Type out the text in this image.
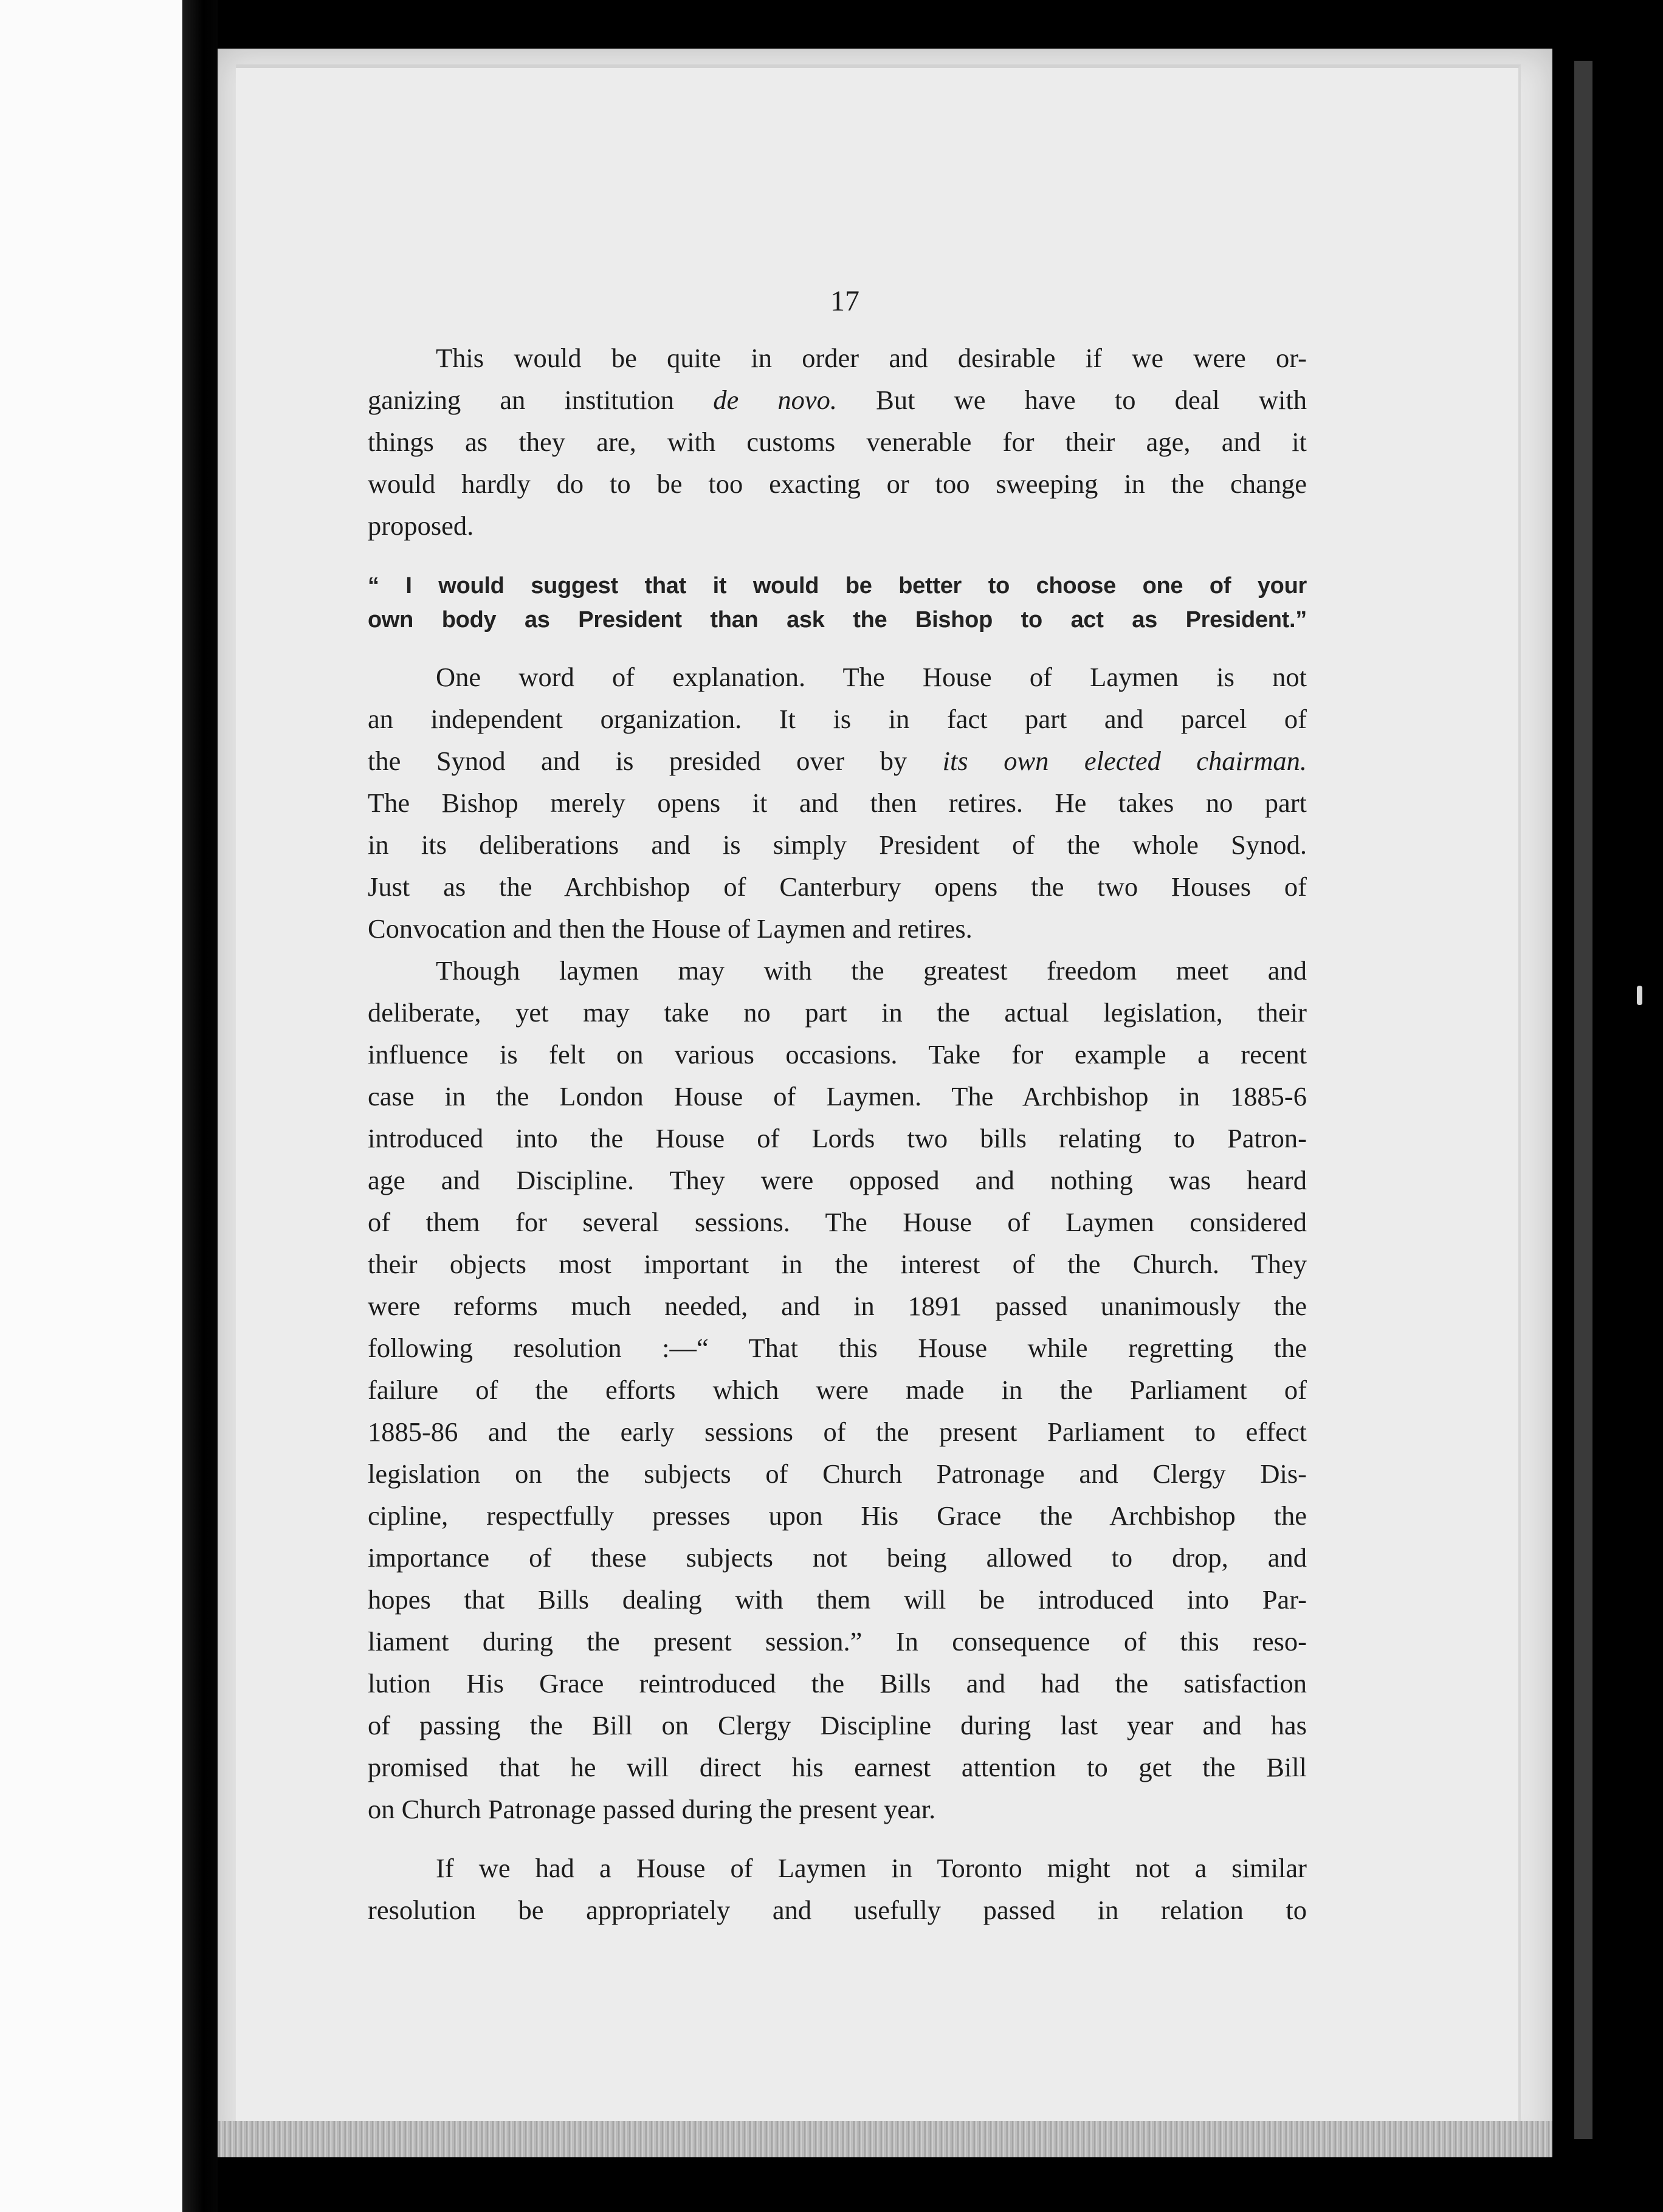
17
This would be quite in order and desirable if we were or-
ganizing an institution de novo. But we have to deal with
things as they are, with customs venerable for their age, and it
would hardly do to be too exacting or too sweeping in the change
proposed.
“ I would suggest that it would be better to choose one of your
own body as President than ask the Bishop to act as President.”
One word of explanation. The House of Laymen is not
an independent organization. It is in fact part and parcel of
the Synod and is presided over by its own elected chairman.
The Bishop merely opens it and then retires. He takes no part
in its deliberations and is simply President of the whole Synod.
Just as the Archbishop of Canterbury opens the two Houses of
Convocation and then the House of Laymen and retires.
Though laymen may with the greatest freedom meet and
deliberate, yet may take no part in the actual legislation, their
influence is felt on various occasions. Take for example a recent
case in the London House of Laymen. The Archbishop in 1885-6
introduced into the House of Lords two bills relating to Patron-
age and Discipline. They were opposed and nothing was heard
of them for several sessions. The House of Laymen considered
their objects most important in the interest of the Church. They
were reforms much needed, and in 1891 passed unanimously the
following resolution :—“ That this House while regretting the
failure of the efforts which were made in the Parliament of
1885-86 and the early sessions of the present Parliament to effect
legislation on the subjects of Church Patronage and Clergy Dis-
cipline, respectfully presses upon His Grace the Archbishop the
importance of these subjects not being allowed to drop, and
hopes that Bills dealing with them will be introduced into Par-
liament during the present session.” In consequence of this reso-
lution His Grace reintroduced the Bills and had the satisfaction
of passing the Bill on Clergy Discipline during last year and has
promised that he will direct his earnest attention to get the Bill
on Church Patronage passed during the present year.
If we had a House of Laymen in Toronto might not a similar
resolution be appropriately and usefully passed in relation to
